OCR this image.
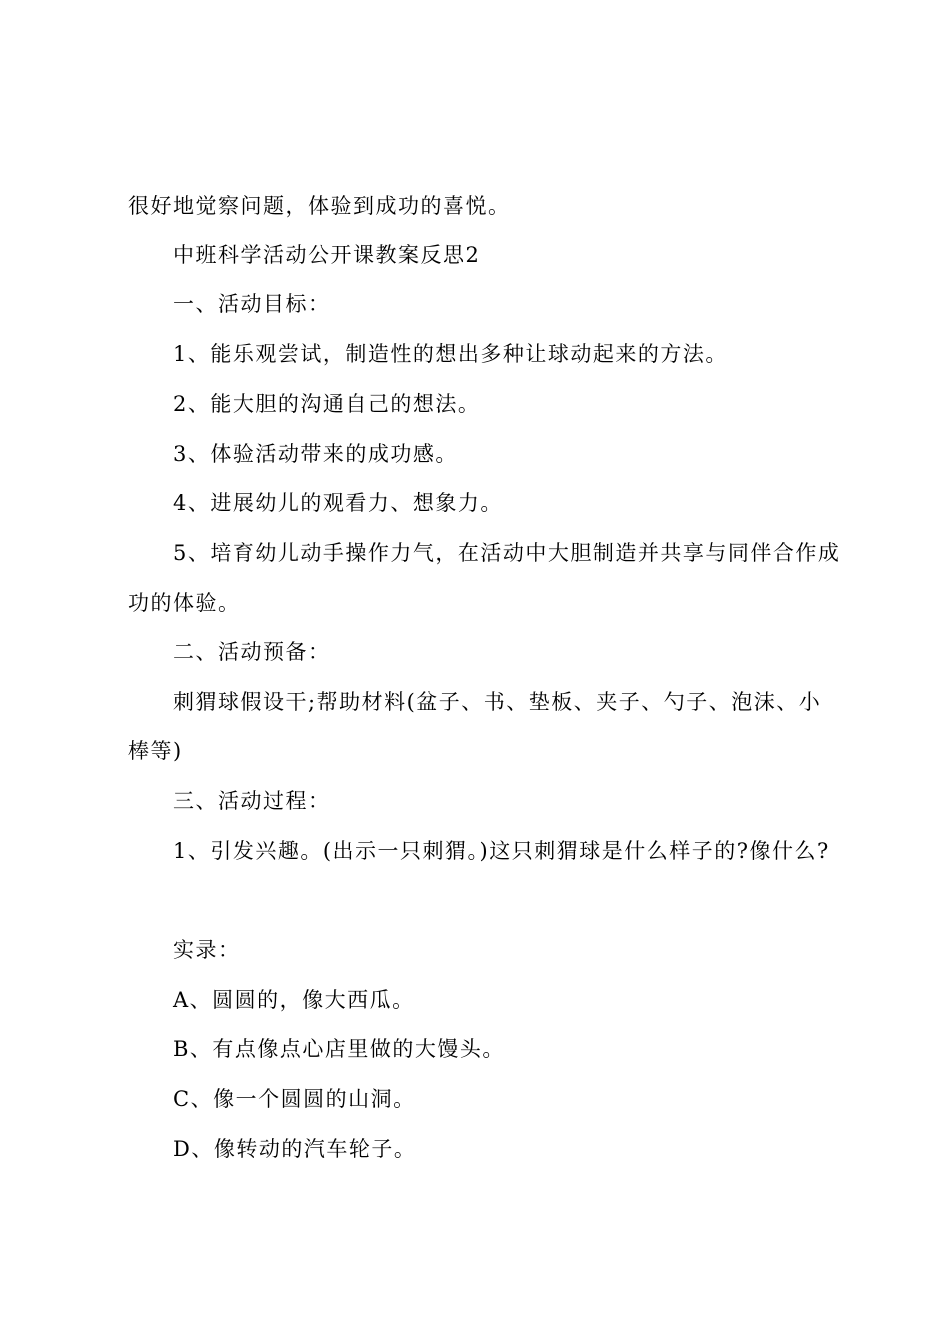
很好地觉察问题，体验到成功的喜悦。
中班科学活动公开课教案反思2
一、活动目标：
1、能乐观尝试，制造性的想出多种让球动起来的方法。
2、能大胆的沟通自己的想法。
3、体验活动带来的成功感。
4、进展幼儿的观看力、想象力。
5、培育幼儿动手操作力气，在活动中大胆制造并共享与同伴合作成
功的体验。
二、活动预备：
刺猬球假设干;帮助材料(盆子、书、垫板、夹子、勺子、泡沫、小
棒等)
三、活动过程：
1、引发兴趣。(出示一只刺猬。)这只刺猬球是什么样子的?像什么?
实录：
A、圆圆的，像大西瓜。
B、有点像点心店里做的大馒头。
C、像一个圆圆的山洞。
D、像转动的汽车轮子。
